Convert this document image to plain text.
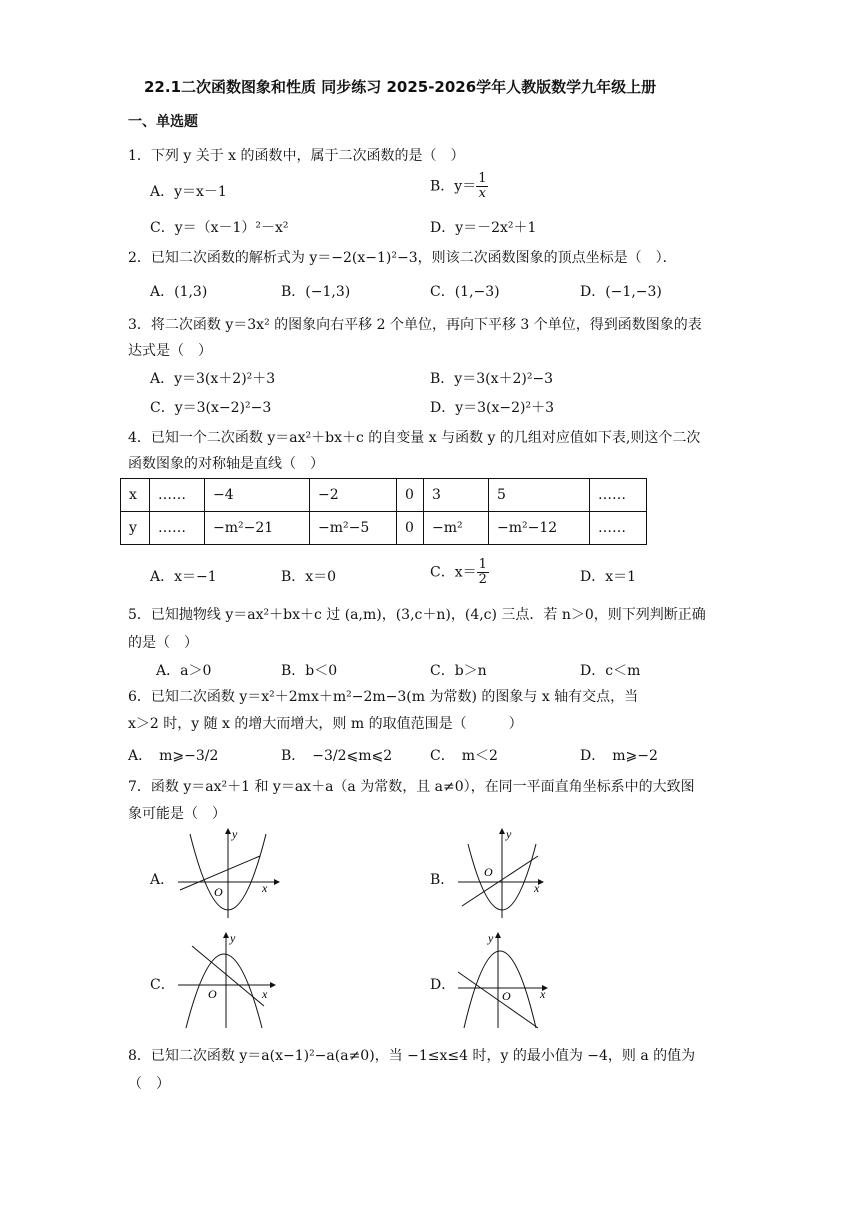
22.1二次函数图象和性质 同步练习 2025-2026学年人教版数学九年级上册
一、单选题
1．下列 y 关于 x 的函数中，属于二次函数的是（　）
A．y＝x－1	B．$y= \frac{1}{x}$
C．y＝（x－1）²－x²	D．y＝－2x²＋1
2．已知二次函数的解析式为 y＝−2(x−1)²−3，则该二次函数图象的顶点坐标是（　）．
A．(1,3)	B．(−1,3)	C．(1,−3)	D．(−1,−3)
3．将二次函数 y＝3x² 的图象向右平移 2 个单位，再向下平移 3 个单位，得到函数图象的表
达式是（　）
A．y＝3(x＋2)²＋3	B．y＝3(x＋2)²−3
C．y＝3(x−2)²−3	D．y＝3(x−2)²＋3
4．已知一个二次函数 y＝ax²＋bx＋c 的自变量 x 与函数 y 的几组对应值如下表,则这个二次
函数图象的对称轴是直线（　）
x	……	−4	−2	0	3	5	……
y	……	−m²−21	−m²−5	0	−m²	−m²−12	……
A．x＝−1	B．x＝0	C．$x= \frac{1}{2}$	D．x＝1
5．已知抛物线 y＝ax²＋bx＋c 过 (a,m)，(3,c＋n)，(4,c) 三点．若 n＞0，则下列判断正确
的是（　）
A．a＞0	B．b＜0	C．b＞n	D．c＜m
6．已知二次函数 y＝x²＋2mx＋m²−2m−3(m 为常数) 的图象与 x 轴有交点，当
x＞2 时，y 随 x 的增大而增大，则 m 的取值范围是（　　　）
A．　m⩾−3/2	B．　−3/2⩽m⩽2	C．　m＜2	D．　m⩾−2
7．函数 y＝ax²＋1 和 y＝ax＋a（a 为常数，且 a≠0），在同一平面直角坐标系中的大致图
象可能是（　）
A．	x
y
O
B．	x
y
O
C．
x
y
O
D．
x
y
O
8．已知二次函数 y＝a(x−1)²−a(a≠0)，当 −1≤x≤4 时，y 的最小值为 −4，则 a 的值为
（　）
